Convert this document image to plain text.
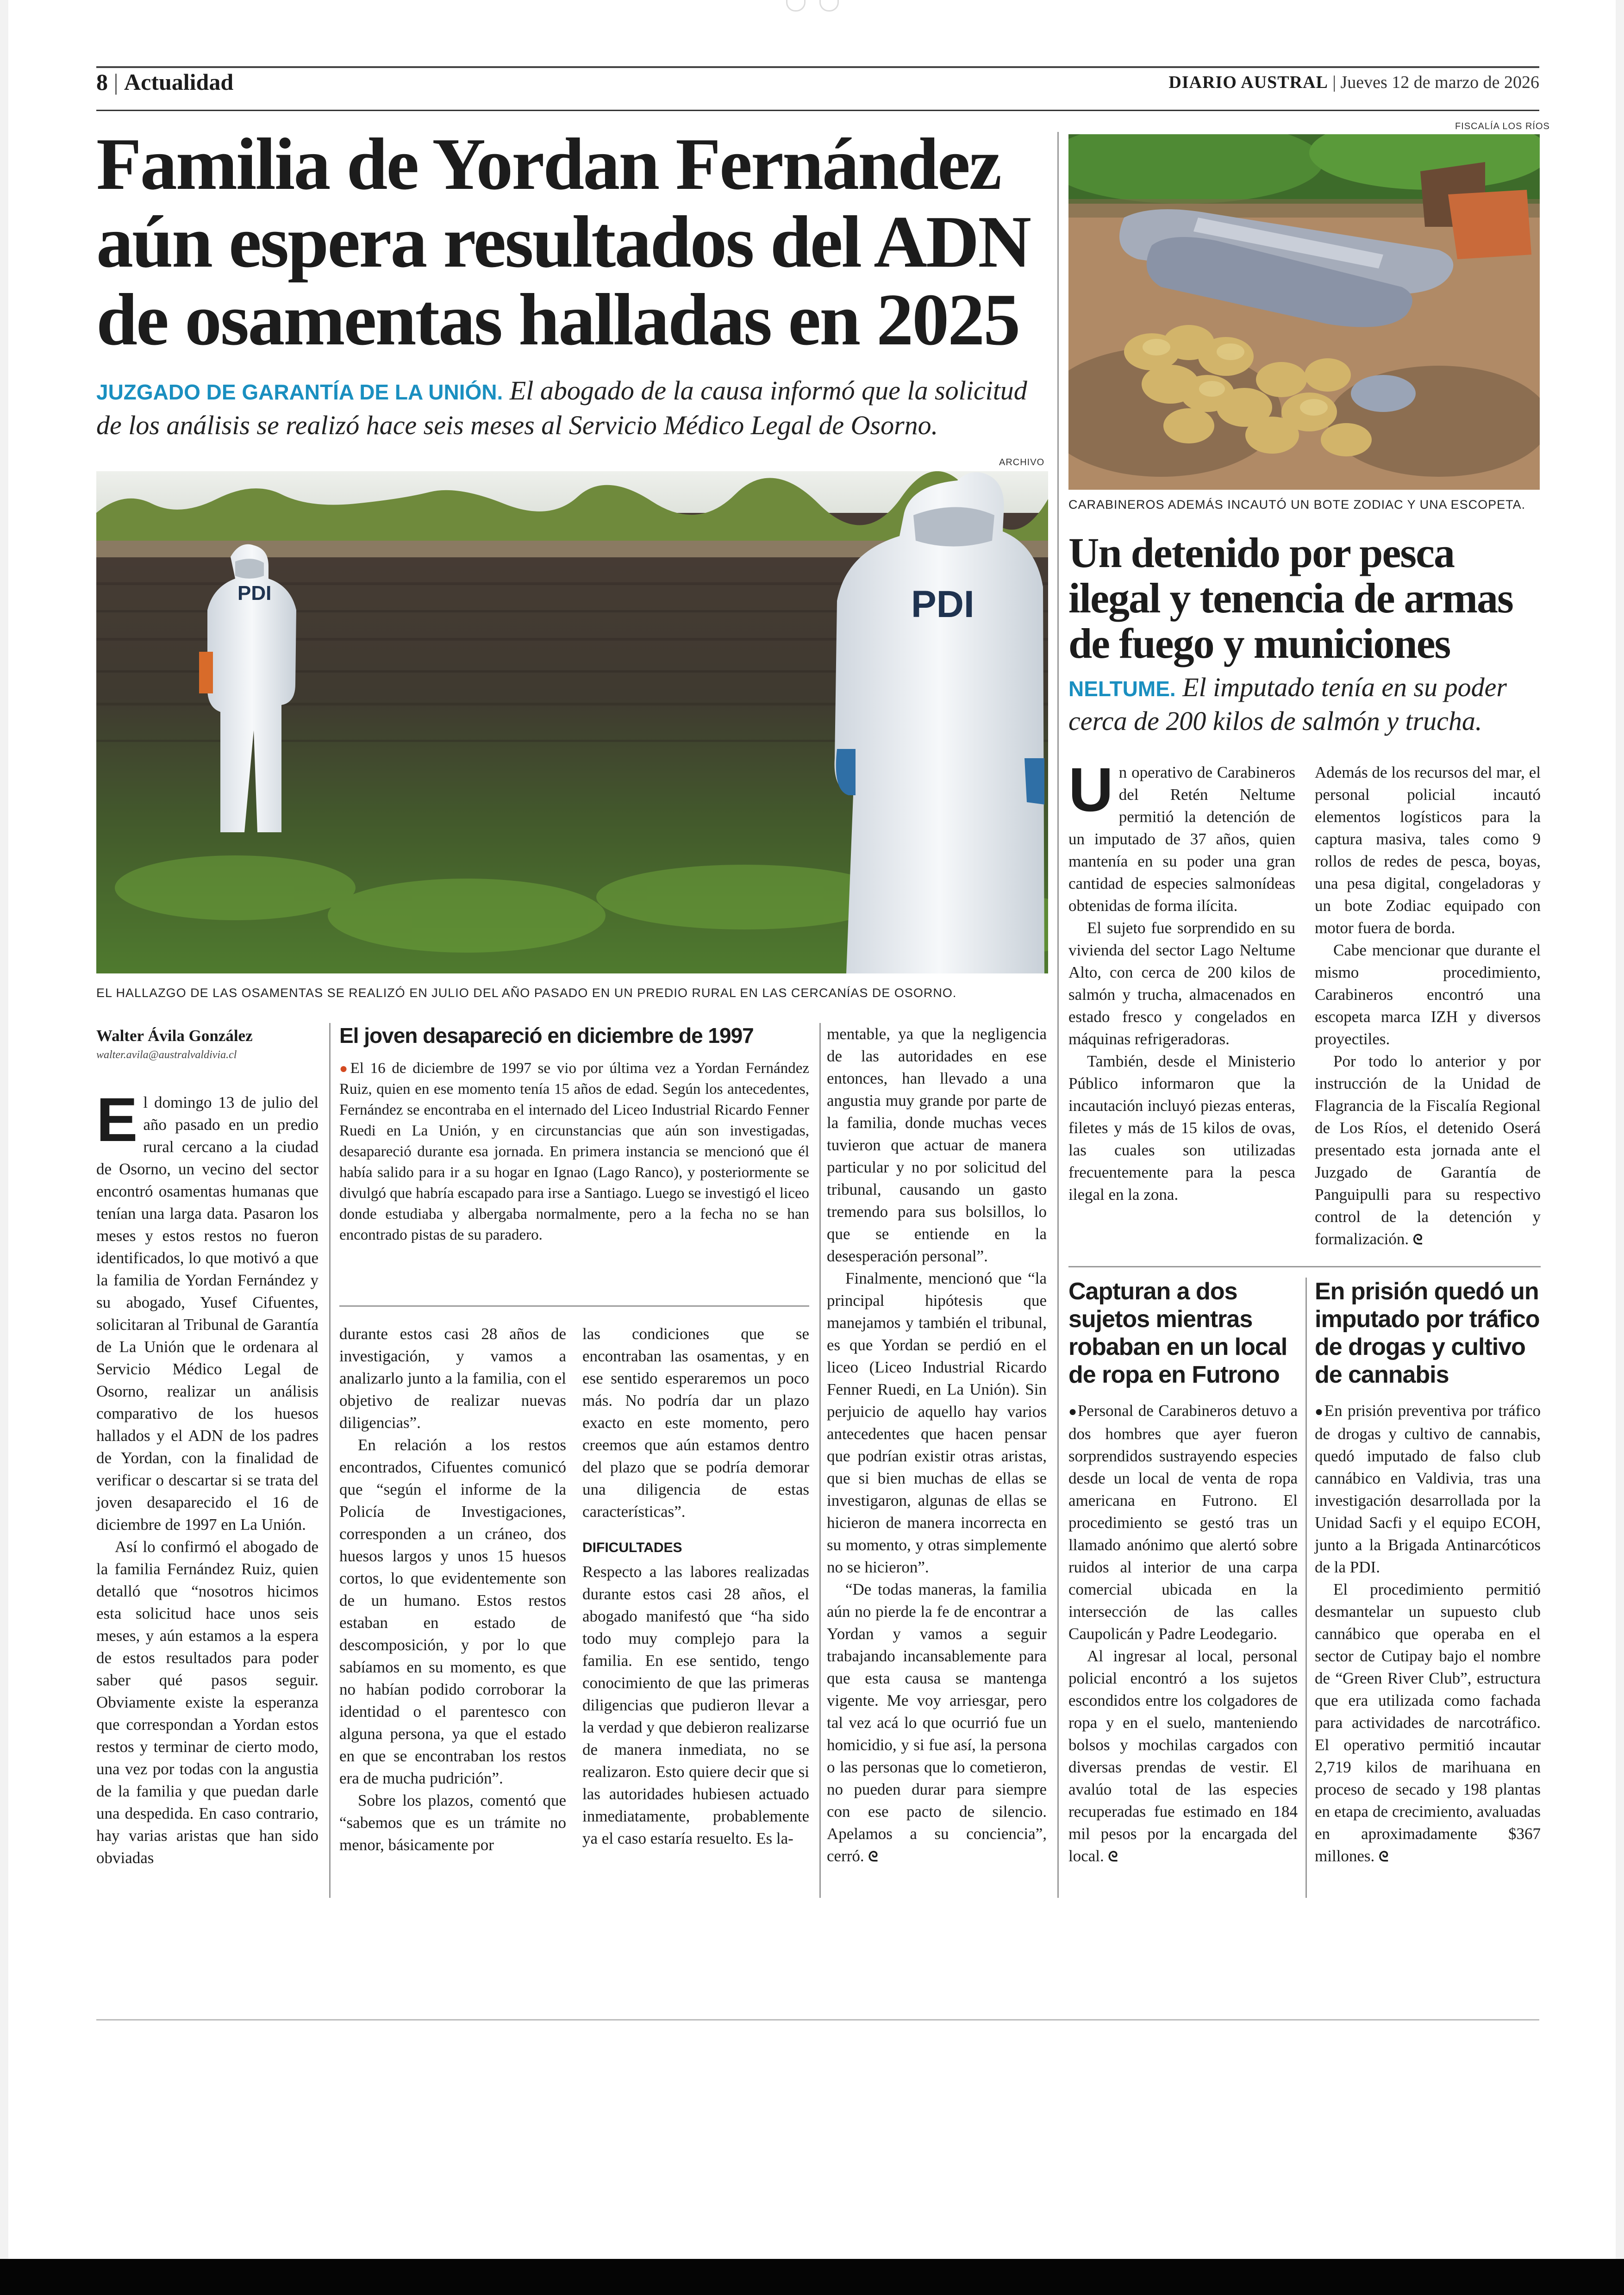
8 | Actualidad	DIARIO AUSTRAL | Jueves 12 de marzo de 2026
Familia de Yordan Fernández aún espera resultados del ADN de osamentas halladas en 2025
JUZGADO DE GARANTÍA DE LA UNIÓN. El abogado de la causa informó que la solicitud de los análisis se realizó hace seis meses al Servicio Médico Legal de Osorno.
ARCHIVO
PDI	PDI
EL HALLAZGO DE LAS OSAMENTAS SE REALIZÓ EN JULIO DEL AÑO PASADO EN UN PREDIO RURAL EN LAS CERCANÍAS DE OSORNO.
Walter Ávila González
walter.avila@australvaldivia.cl

El domingo 13 de julio del año pasado en un predio rural cercano a la ciudad de Osorno, un vecino del sector encontró osamentas humanas que tenían una larga data. Pasaron los meses y estos restos no fueron identificados, lo que motivó a que la familia de Yordan Fernández y su abogado, Yusef Cifuentes, solicitaran al Tribunal de Garantía de La Unión que le ordenara al Servicio Médico Legal de Osorno, realizar un análisis comparativo de los huesos hallados y el ADN de los padres de Yordan, con la finalidad de verificar o descartar si se trata del joven desaparecido el 16 de diciembre de 1997 en La Unión.

Así lo confirmó el abogado de la familia Fernández Ruiz, quien detalló que “nosotros hicimos esta solicitud hace unos seis meses, y aún estamos a la espera de estos resultados para poder saber qué pasos seguir. Obviamente existe la esperanza que correspondan a Yordan estos restos y terminar de cierto modo, una vez por todas con la angustia de la familia y que puedan darle una despedida. En caso contrario, hay varias aristas que han sido obviadas

El joven desapareció en diciembre de 1997

●El 16 de diciembre de 1997 se vio por última vez a Yordan Fernández Ruiz, quien en ese momento tenía 15 años de edad. Según los antecedentes, Fernández se encontraba en el internado del Liceo Industrial Ricardo Fenner Ruedi en La Unión, y en circunstancias que aún son investigadas, desapareció durante esa jornada. En primera instancia se mencionó que él había salido para ir a su hogar en Ignao (Lago Ranco), y posteriormente se divulgó que habría escapado para irse a Santiago. Luego se investigó el liceo donde estudiaba y albergaba normalmente, pero a la fecha no se han encontrado pistas de su paradero.

durante estos casi 28 años de investigación, y vamos a analizarlo junto a la familia, con el objetivo de realizar nuevas diligencias”.

En relación a los restos encontrados, Cifuentes comunicó que “según el informe de la Policía de Investigaciones, corresponden a un cráneo, dos huesos largos y unos 15 huesos cortos, lo que evidentemente son de un humano. Estos restos estaban en estado de descomposición, y por lo que sabíamos en su momento, es que no habían podido corroborar la identidad o el parentesco con alguna persona, ya que el estado en que se encontraban los restos era de mucha pudrición”.

Sobre los plazos, comentó que “sabemos que es un trámite no menor, básicamente por

las condiciones que se encontraban las osamentas, y en ese sentido esperaremos un poco más. No podría dar un plazo exacto en este momento, pero creemos que aún estamos dentro del plazo que se podría demorar una diligencia de estas características”.

DIFICULTADES

Respecto a las labores realizadas durante estos casi 28 años, el abogado manifestó que “ha sido todo muy complejo para la familia. En ese sentido, tengo conocimiento de que las primeras diligencias que pudieron llevar a la verdad y que debieron realizarse de manera inmediata, no se realizaron. Esto quiere decir que si las autoridades hubiesen actuado inmediatamente, probablemente ya el caso estaría resuelto. Es la-

mentable, ya que la negligencia de las autoridades en ese entonces, han llevado a una angustia muy grande por parte de la familia, donde muchas veces tuvieron que actuar de manera particular y no por solicitud del tribunal, causando un gasto tremendo para sus bolsillos, lo que se entiende en la desesperación personal”.

Finalmente, mencionó que “la principal hipótesis que manejamos y también el tribunal, es que Yordan se perdió en el liceo (Liceo Industrial Ricardo Fenner Ruedi, en La Unión). Sin perjuicio de aquello hay varios antecedentes que hacen pensar que podrían existir otras aristas, que si bien muchas de ellas se investigaron, algunas de ellas se hicieron de manera incorrecta en su momento, y otras simplemente no se hicieron”.

“De todas maneras, la familia aún no pierde la fe de encontrar a Yordan y vamos a seguir trabajando incansablemente para que esta causa se mantenga vigente. Me voy arriesgar, pero tal vez acá lo que ocurrió fue un homicidio, y si fue así, la persona o las personas que lo cometieron, no pueden durar para siempre con ese pacto de silencio. Apelamos a su conciencia”, cerró. ᘓ

FISCALÍA LOS RÍOS
CARABINEROS ADEMÁS INCAUTÓ UN BOTE ZODIAC Y UNA ESCOPETA.
Un detenido por pesca ilegal y tenencia de armas de fuego y municiones
NELTUME. El imputado tenía en su poder cerca de 200 kilos de salmón y trucha.

Un operativo de Carabineros del Retén Neltume permitió la detención de un imputado de 37 años, quien mantenía en su poder una gran cantidad de especies salmonídeas obtenidas de forma ilícita.

El sujeto fue sorprendido en su vivienda del sector Lago Neltume Alto, con cerca de 200 kilos de salmón y trucha, almacenados en estado fresco y congelados en máquinas refrigeradoras.

También, desde el Ministerio Público informaron que la incautación incluyó piezas enteras, filetes y más de 15 kilos de ovas, las cuales son utilizadas frecuentemente para la pesca ilegal en la zona.

Además de los recursos del mar, el personal policial incautó elementos logísticos para la captura masiva, tales como 9 rollos de redes de pesca, boyas, una pesa digital, congeladoras y un bote Zodiac equipado con motor fuera de borda.

Cabe mencionar que durante el mismo procedimiento, Carabineros encontró una escopeta marca IZH y diversos proyectiles.

Por todo lo anterior y por instrucción de la Unidad de Flagrancia de la Fiscalía Regional de Los Ríos, el detenido Oserá presentado esta jornada ante el Juzgado de Garantía de Panguipulli para su respectivo control de la detención y formalización. ᘓ

Capturan a dos sujetos mientras robaban en un local de ropa en Futrono

●Personal de Carabineros detuvo a dos hombres que ayer fueron sorprendidos sustrayendo especies desde un local de venta de ropa americana en Futrono. El procedimiento se gestó tras un llamado anónimo que alertó sobre ruidos al interior de una carpa comercial ubicada en la intersección de las calles Caupolicán y Padre Leodegario.

Al ingresar al local, personal policial encontró a los sujetos escondidos entre los colgadores de ropa y en el suelo, manteniendo bolsos y mochilas cargados con diversas prendas de vestir. El avalúo total de las especies recuperadas fue estimado en 184 mil pesos por la encargada del local. ᘓ

En prisión quedó un imputado por tráfico de drogas y cultivo de cannabis

●En prisión preventiva por tráfico de drogas y cultivo de cannabis, quedó imputado de falso club cannábico en Valdivia, tras una investigación desarrollada por la Unidad Sacfi y el equipo ECOH, junto a la Brigada Antinarcóticos de la PDI.

El procedimiento permitió desmantelar un supuesto club cannábico que operaba en el sector de Cutipay bajo el nombre de “Green River Club”, estructura que era utilizada como fachada para actividades de narcotráfico. El operativo permitió incautar 2,719 kilos de marihuana en proceso de secado y 198 plantas en etapa de crecimiento, avaluadas en aproximadamente $367 millones. ᘓ
